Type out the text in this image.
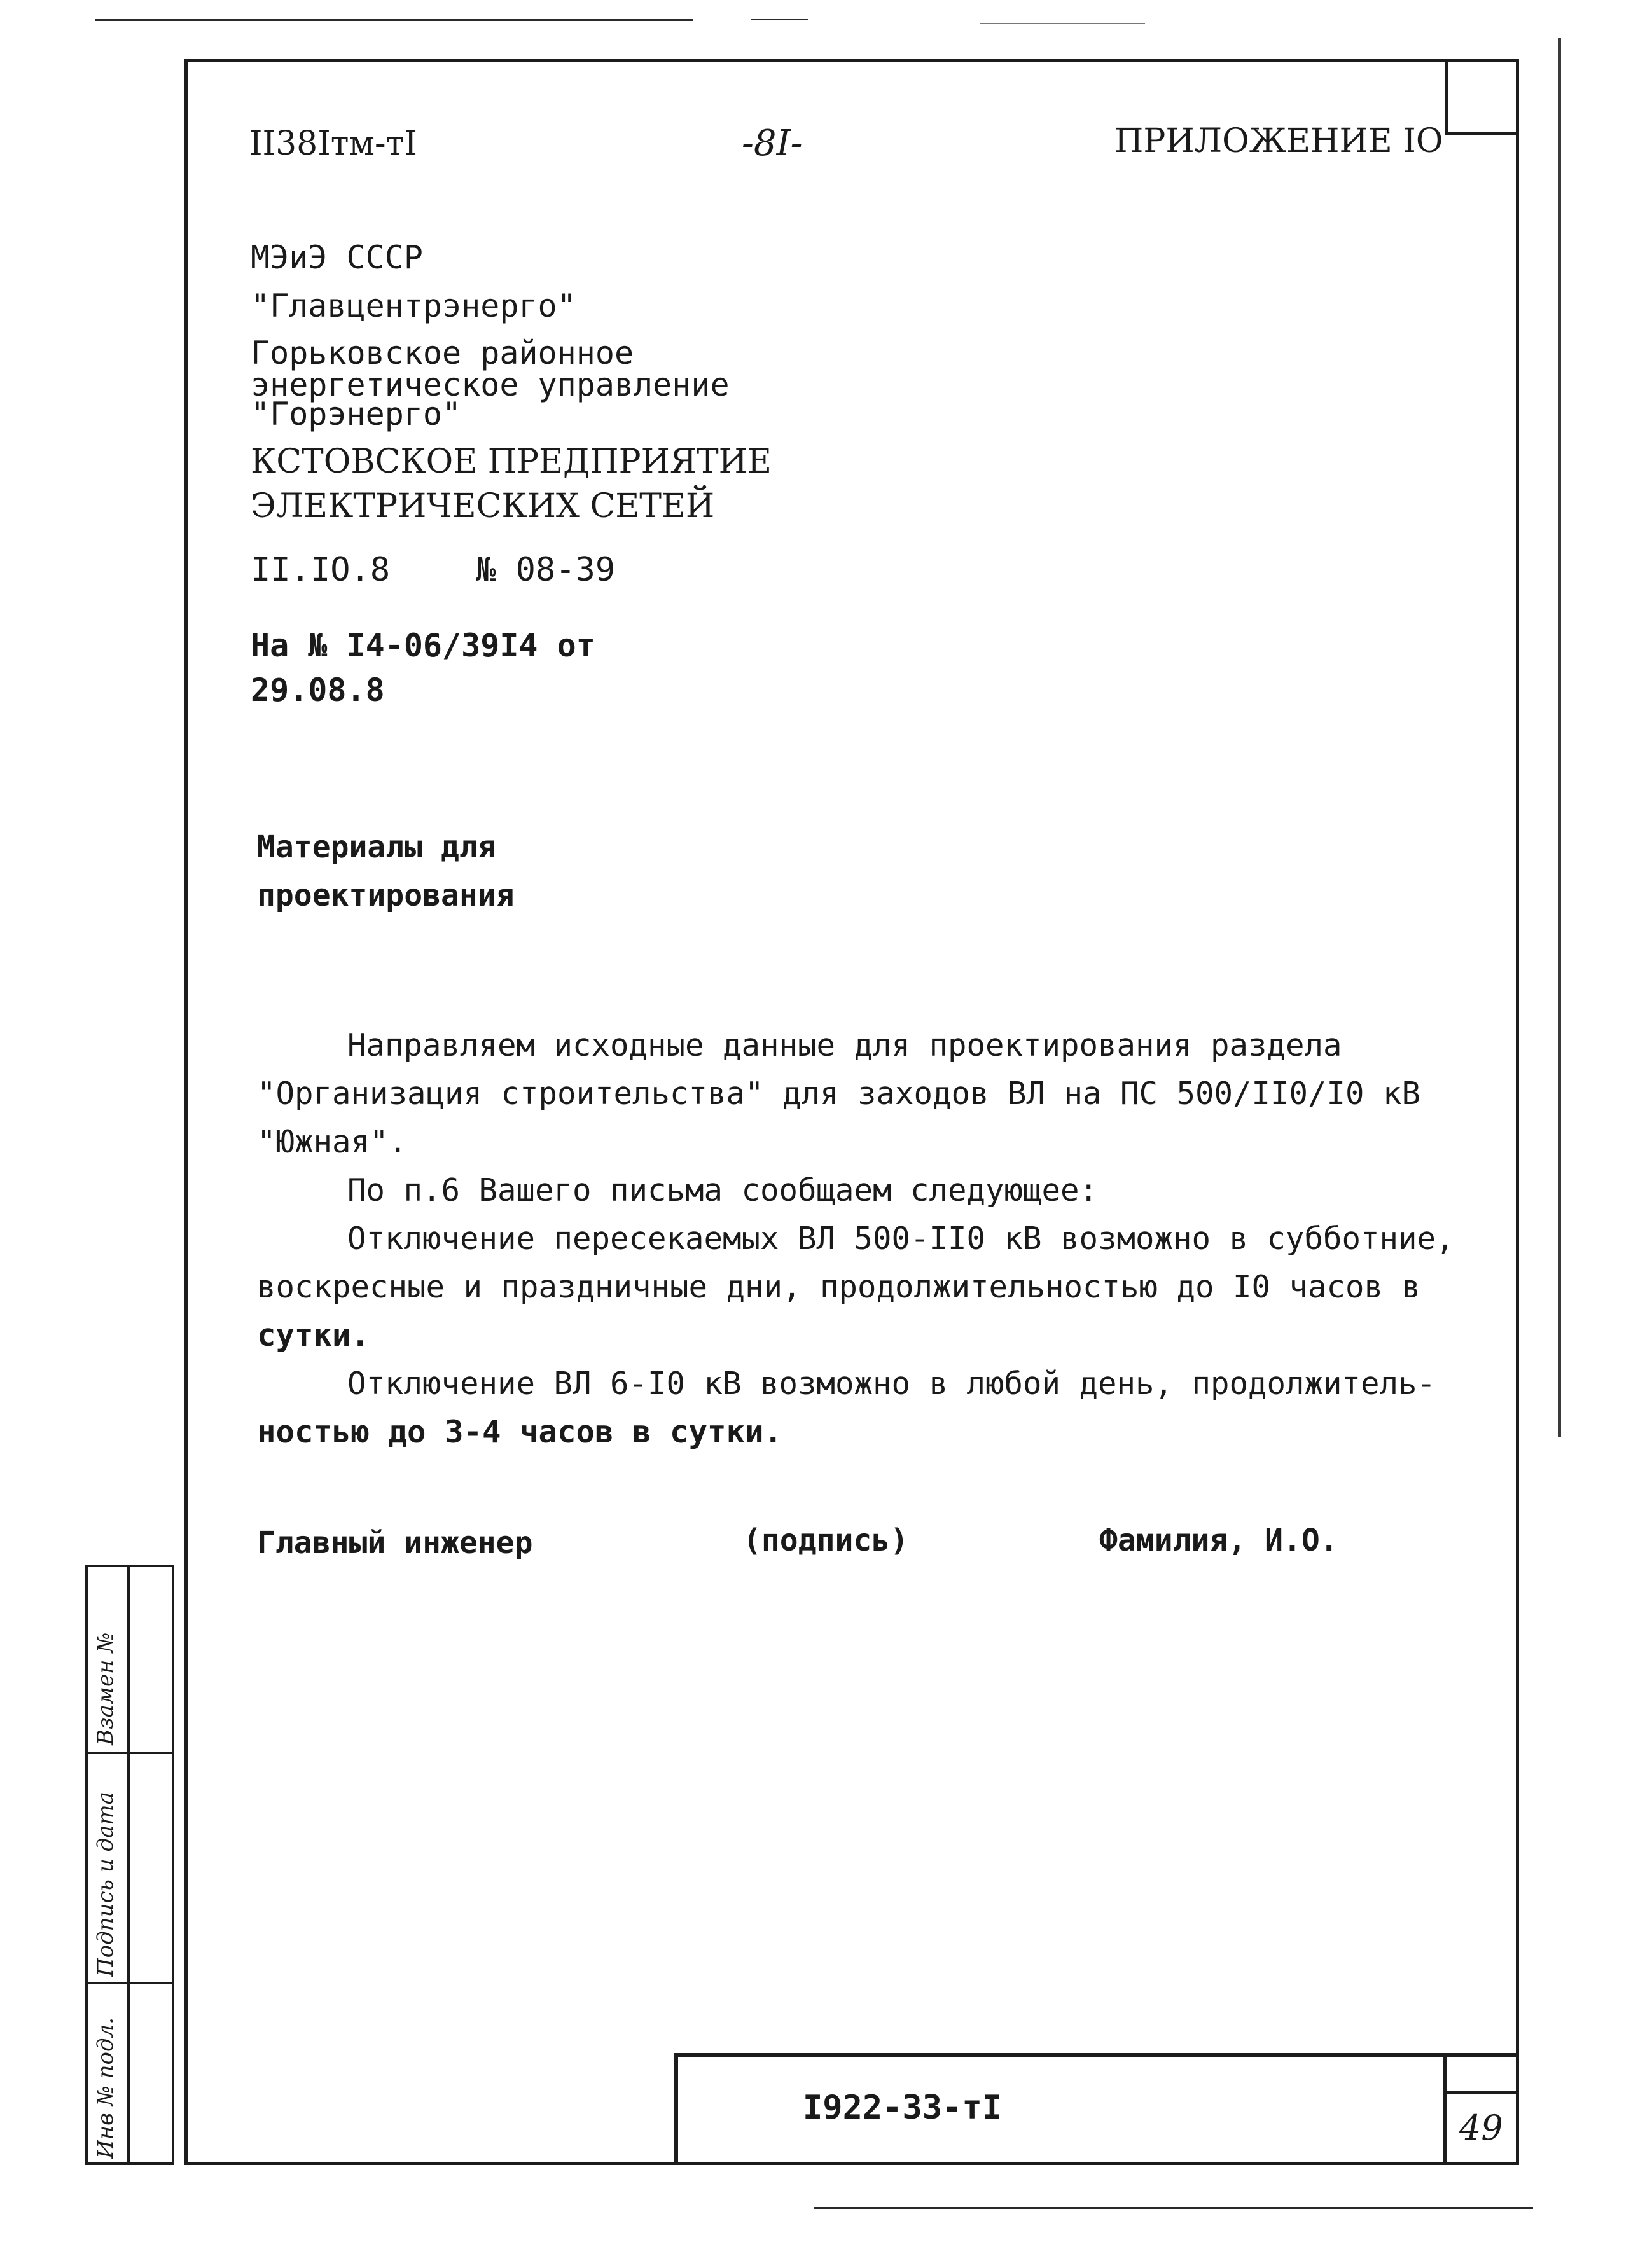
II38Iтм-тI	-8I-	ПРИЛОЖЕНИЕ IO
МЭиЭ СССР
"Главцентрэнерго"
Горьковское районное
энергетическое управление
"Горэнерго"
КСТОВСКОЕ ПРЕДПРИЯТИЕ
ЭЛЕКТРИЧЕСКИХ СЕТЕЙ
II.IO.8	№ 08-39
На № I4-06/39I4 от
29.08.8
Материалы для
проектирования
Направляем исходные данные для проектирования раздела
"Организация строительства" для заходов ВЛ на ПС 500/II0/I0 кВ
"Южная".
По п.6 Вашего письма сообщаем следующее:
Отключение пересекаемых ВЛ 500-II0 кВ возможно в субботние,
воскресные и праздничные дни, продолжительностью до I0 часов в
сутки.
Отключение ВЛ 6-I0 кВ возможно в любой день, продолжитель-
ностью до 3-4 часов в сутки.
Главный инженер	(подпись)	Фамилия, И.О.
Взамен №
Подпись и дата
Инв № подл.	I922-33-тI	49
